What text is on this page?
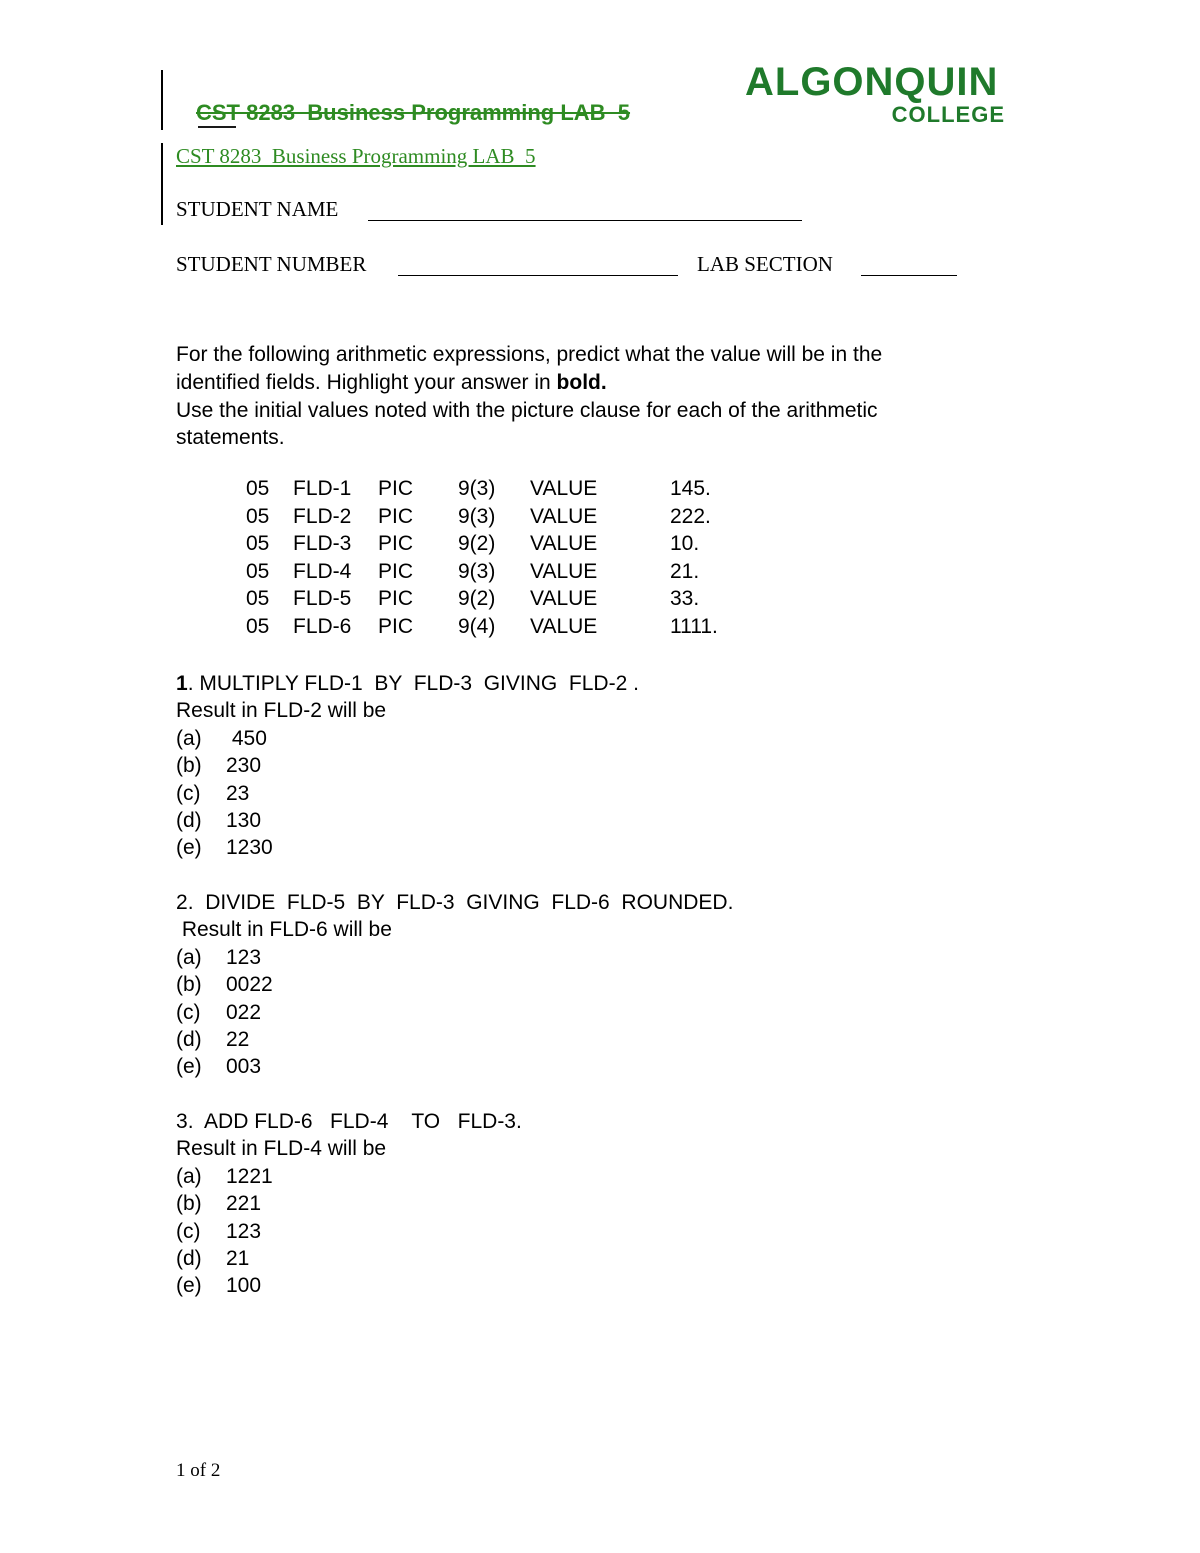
CST 8283  Business Programming LAB  5
ALGONQUIN
COLLEGE
CST 8283  Business Programming LAB  5
STUDENT NAME
STUDENT NUMBER	LAB SECTION
For the following arithmetic expressions, predict what the value will be in the
identified fields. Highlight your answer in bold.
Use the initial values noted with the picture clause for each of the arithmetic
statements.
05 FLD-1 PIC 9(3) VALUE	145.
05 FLD-2 PIC 9(3) VALUE	222.
05 FLD-3 PIC 9(2) VALUE	10.
05 FLD-4 PIC 9(3) VALUE	21.
05 FLD-5 PIC 9(2) VALUE	33.
05 FLD-6 PIC 9(4) VALUE	1111.
1. MULTIPLY FLD-1  BY  FLD-3  GIVING  FLD-2 .
Result in FLD-2 will be
(a) 450
(b) 230
(c) 23
(d) 130
(e) 1230
2.  DIVIDE  FLD-5  BY  FLD-3  GIVING  FLD-6  ROUNDED.
Result in FLD-6 will be
(a) 123
(b) 0022
(c) 022
(d) 22
(e) 003
3.  ADD FLD-6   FLD-4    TO   FLD-3.
Result in FLD-4 will be
(a) 1221
(b) 221
(c) 123
(d) 21
(e) 100
1 of 2
